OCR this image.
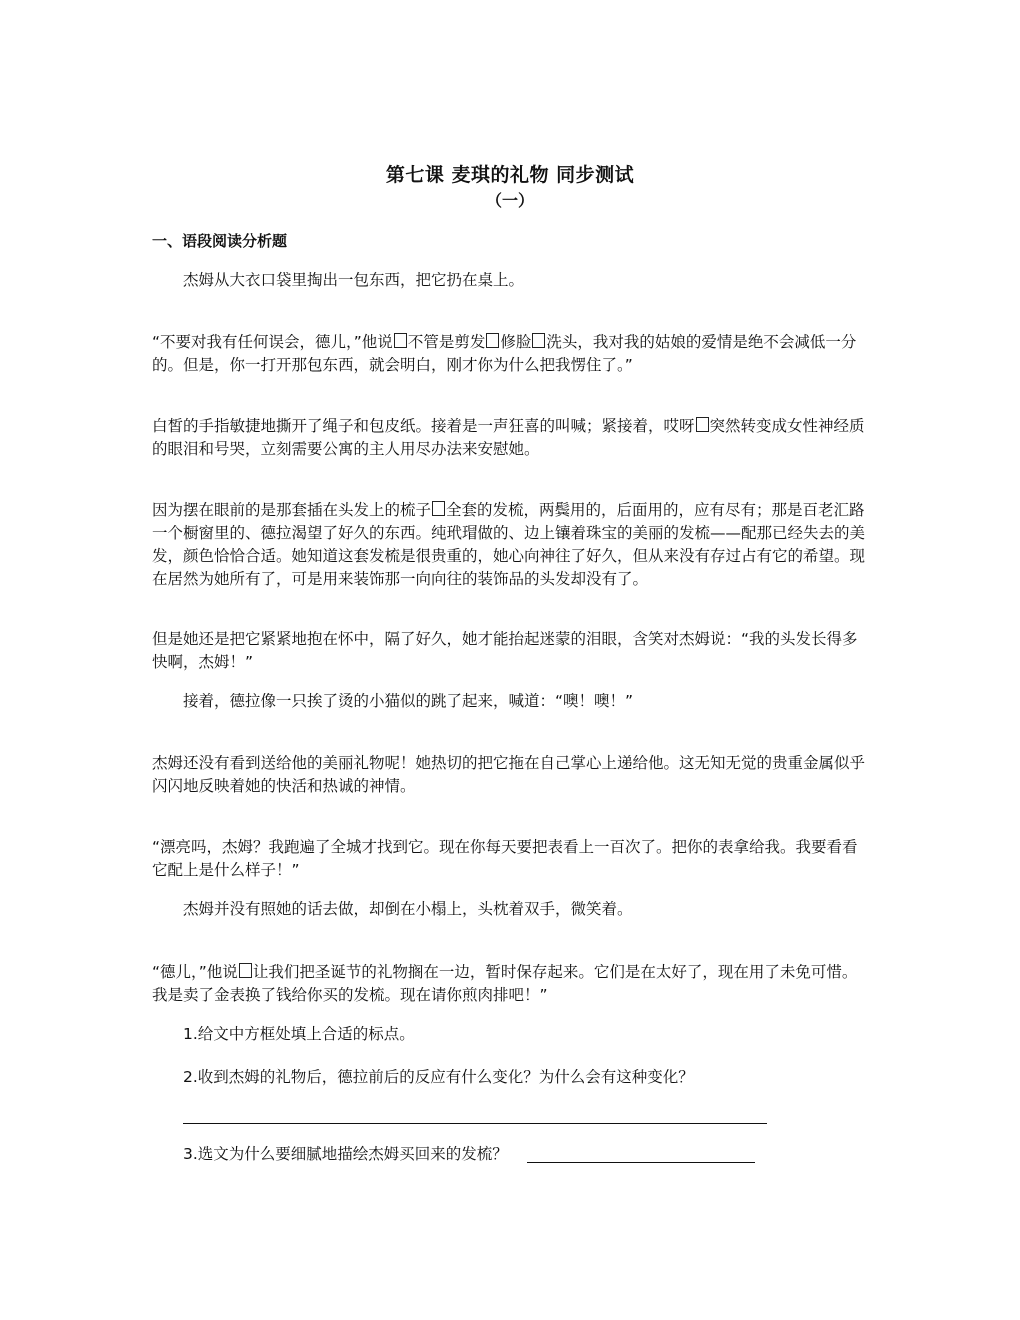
第七课 麦琪的礼物 同步测试
（一）
一、语段阅读分析题

杰姆从大衣口袋里掏出一包东西，把它扔在桌上。

“不要对我有任何误会，德儿，”他说 不管是剪发 修脸 洗头，我对我的姑娘的爱情是绝不会减低一分的。但是，你一打开那包东西，就会明白，刚才你为什么把我愣住了。”

白皙的手指敏捷地撕开了绳子和包皮纸。接着是一声狂喜的叫喊；紧接着，哎呀 突然转变成女性神经质的眼泪和号哭，立刻需要公寓的主人用尽办法来安慰她。

因为摆在眼前的是那套插在头发上的梳子 全套的发梳，两鬓用的，后面用的，应有尽有；那是百老汇路一个橱窗里的、德拉渴望了好久的东西。纯玳瑁做的、边上镶着珠宝的美丽的发梳——配那已经失去的美发，颜色恰恰合适。她知道这套发梳是很贵重的，她心向神往了好久，但从来没有存过占有它的希望。现在居然为她所有了，可是用来装饰那一向向往的装饰品的头发却没有了。

但是她还是把它紧紧地抱在怀中，隔了好久，她才能抬起迷蒙的泪眼，含笑对杰姆说：“我的头发长得多快啊，杰姆！”

接着，德拉像一只挨了烫的小猫似的跳了起来，喊道：“噢！噢！”

杰姆还没有看到送给他的美丽礼物呢！她热切的把它拖在自己掌心上递给他。这无知无觉的贵重金属似乎闪闪地反映着她的快活和热诚的神情。

“漂亮吗，杰姆？我跑遍了全城才找到它。现在你每天要把表看上一百次了。把你的表拿给我。我要看看它配上是什么样子！”

杰姆并没有照她的话去做，却倒在小榻上，头枕着双手，微笑着。

“德儿，”他说 让我们把圣诞节的礼物搁在一边，暂时保存起来。它们是在太好了，现在用了未免可惜。我是卖了金表换了钱给你买的发梳。现在请你煎肉排吧！”

1.给文中方框处填上合适的标点。
2.收到杰姆的礼物后，德拉前后的反应有什么变化？为什么会有这种变化？
3.选文为什么要细腻地描绘杰姆买回来的发梳？
